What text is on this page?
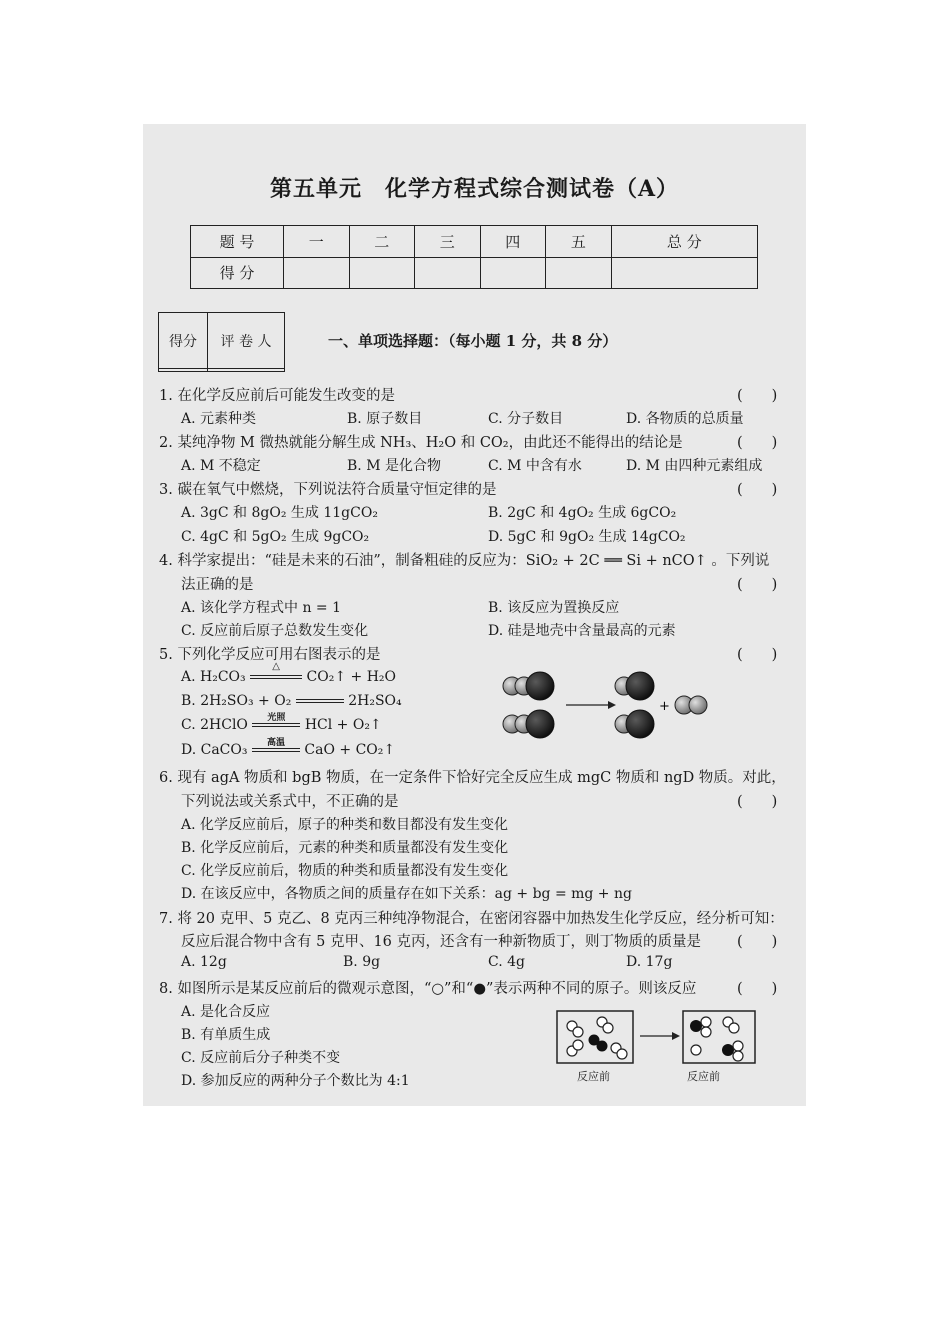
第五单元　化学方程式综合测试卷（A）
题 号	一	二	三	四	五	总 分
得 分						
得分	评 卷 人
		一、单项选择题：（每小题 1 分，共 8 分）
1. 在化学反应前后可能发生改变的是	(　　)
A. 元素种类	B. 原子数目	C. 分子数目	D. 各物质的总质量
2. 某纯净物 M 微热就能分解生成 NH₃、H₂O 和 CO₂，由此还不能得出的结论是	(　　)
A. M 不稳定	B. M 是化合物	C. M 中含有水	D. M 由四种元素组成
3. 碳在氧气中燃烧，下列说法符合质量守恒定律的是	(　　)
A. 3gC 和 8gO₂ 生成 11gCO₂	B. 2gC 和 4gO₂ 生成 6gCO₂
C. 4gC 和 5gO₂ 生成 9gCO₂	D. 5gC 和 9gO₂ 生成 14gCO₂
4. 科学家提出：“硅是未来的石油”，制备粗硅的反应为：SiO₂ + 2C ══ Si + nCO↑ 。下列说
法正确的是	(　　)
A. 该化学方程式中 n = 1	B. 该反应为置换反应
C. 反应前后原子总数发生变化	D. 硅是地壳中含量最高的元素
5. 下列化学反应可用右图表示的是	(　　)
A. H₂CO₃
△
CO₂↑ + H₂O
B. 2H₂SO₃ + O₂	2H₂SO₄
C. 2HClO	光照	HCl + O₂↑
D. CaCO₃	高温	CaO + CO₂↑
+
6. 现有 agA 物质和 bgB 物质，在一定条件下恰好完全反应生成 mgC 物质和 ngD 物质。对此，
下列说法或关系式中，不正确的是	(　　)
A. 化学反应前后，原子的种类和数目都没有发生变化
B. 化学反应前后，元素的种类和质量都没有发生变化
C. 化学反应前后，物质的种类和质量都没有发生变化
D. 在该反应中，各物质之间的质量存在如下关系：ag + bg = mg + ng
7. 将 20 克甲、5 克乙、8 克丙三种纯净物混合，在密闭容器中加热发生化学反应，经分析可知：
反应后混合物中含有 5 克甲、16 克丙，还含有一种新物质丁，则丁物质的质量是 (　　)
A. 12g	B. 9g	C. 4g	D. 17g
8. 如图所示是某反应前后的微观示意图，“○”和“●”表示两种不同的原子。则该反应	(　　)
A. 是化合反应
B. 有单质生成
C. 反应前后分子种类不变
D. 参加反应的两种分子个数比为 4:1	反应前	反应前
